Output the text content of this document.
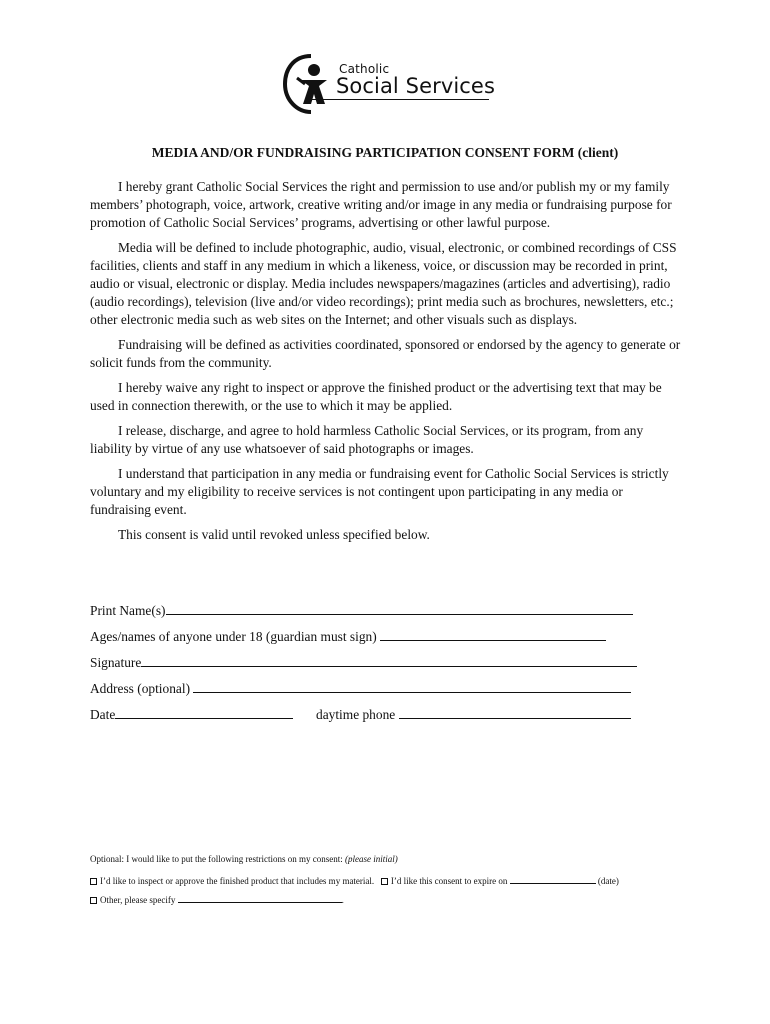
Catholic
Social Services
MEDIA AND/OR FUNDRAISING PARTICIPATION CONSENT FORM (client)

I hereby grant Catholic Social Services the right and permission to use and/or publish my or my family members’ photograph, voice, artwork, creative writing and/or image in any media or fundraising purpose for promotion of Catholic Social Services’ programs, advertising or other lawful purpose.

Media will be defined to include photographic, audio, visual, electronic, or combined recordings of CSS facilities, clients and staff in any medium in which a likeness, voice, or discussion may be recorded in print, audio or visual, electronic or display. Media includes newspapers/magazines (articles and advertising), radio (audio recordings), television (live and/or video recordings); print media such as brochures, newsletters, etc.; other electronic media such as web sites on the Internet; and other visuals such as displays.

Fundraising will be defined as activities coordinated, sponsored or endorsed by the agency to generate or solicit funds from the community.

I hereby waive any right to inspect or approve the finished product or the advertising text that may be used in connection therewith, or the use to which it may be applied.

I release, discharge, and agree to hold harmless Catholic Social Services, or its program, from any liability by virtue of any use whatsoever of said photographs or images.

I understand that participation in any media or fundraising event for Catholic Social Services is strictly voluntary and my eligibility to receive services is not contingent upon participating in any media or fundraising event.

This consent is valid until revoked unless specified below.

Print Name(s)
Ages/names of anyone under 18 (guardian must sign)
Signature
Address (optional)
Date	daytime phone
Optional: I would like to put the following restrictions on my consent: (please initial)
I’d like to inspect or approve the finished product that includes my material. I’d like this consent to expire on	(date)
Other, please specify	.
